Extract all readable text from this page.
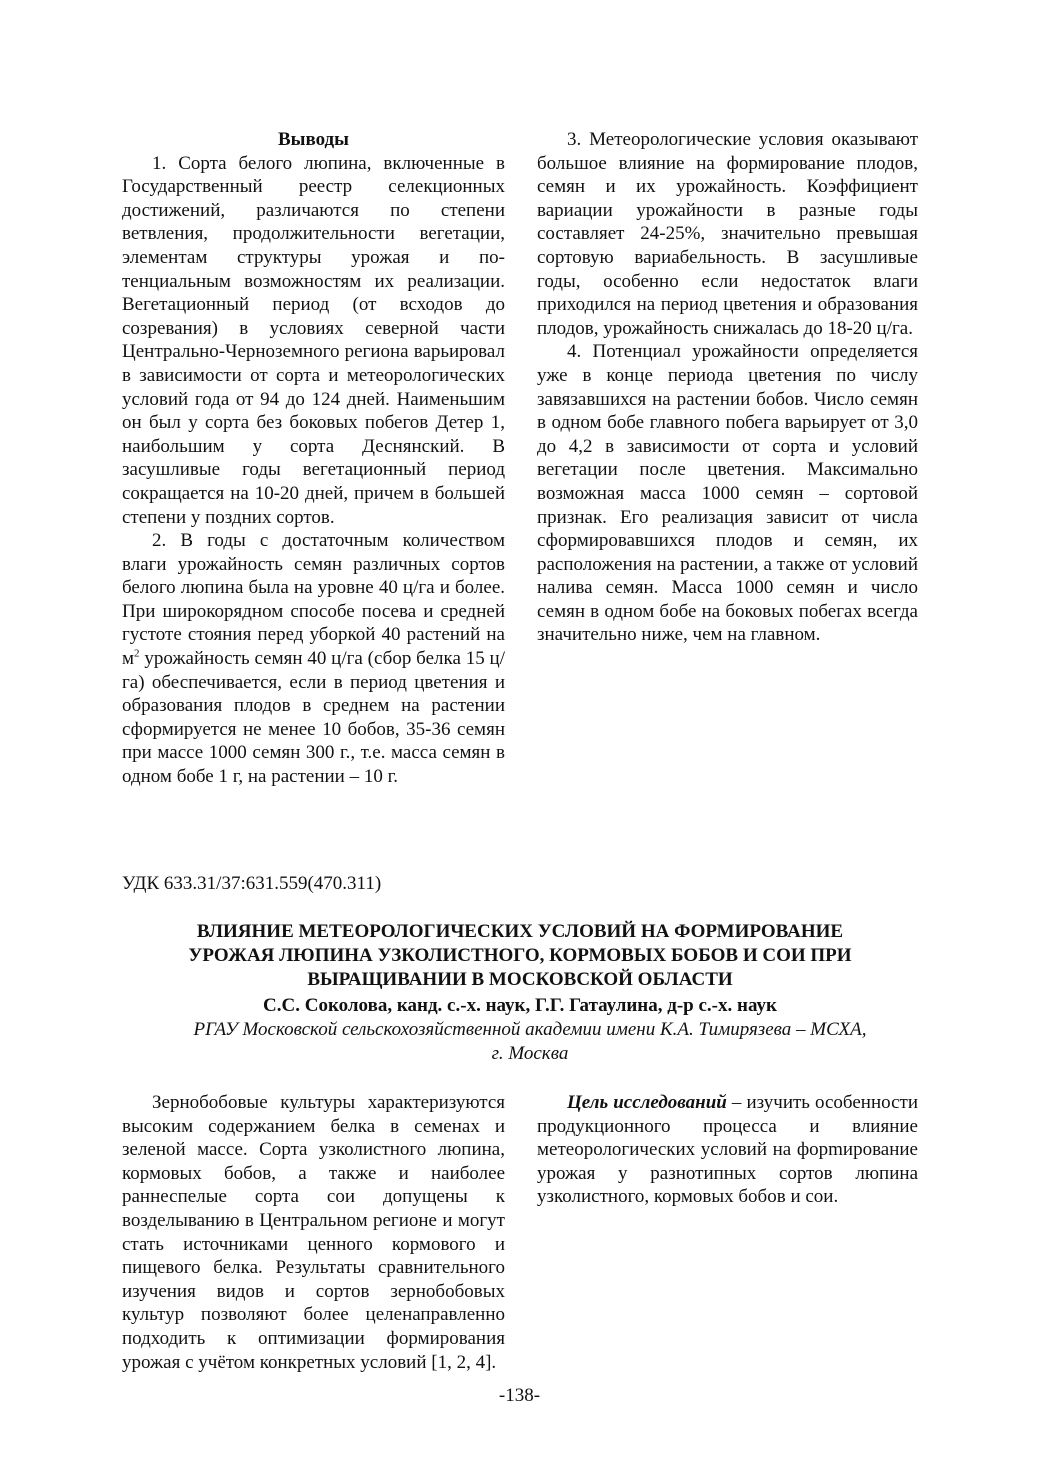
Выводы

1. Сорта белого люпина, включенные в Государственный реестр селекционных достижений, различаются по степени ветвления, продолжительности вегетации, элементам структуры урожая и потенциальным возможностям их реализации. Вегетационный период (от всходов до созревания) в условиях северной части Центрально-Черноземного региона варьировал в зависимости от сорта и метеорологических условий года от 94 до 124 дней. Наименьшим он был у сорта без боковых побегов Детер 1, наибольшим у сорта Деснянский. В засушливые годы вегетационный период сокращается на 10-20 дней, причем в большей степени у поздних сортов.

2. В годы с достаточным количеством влаги урожайность семян различных сортов белого люпина была на уровне 40 ц/га и более. При широкорядном способе посева и средней густоте стояния перед уборкой 40 растений на $м^2$ урожайность семян 40 ц/га (сбор белка 15 ц/га) обеспечивается, если в период цветения и образования плодов в среднем на растении сформируется не менее 10 бобов, 35-36 семян при массе 1000 семян 300 г., т.е. масса семян в одном бобе 1 г, на растении – 10 г.

3. Метеорологические условия оказывают большое влияние на формирование плодов, семян и их урожайность. Коэффициент вариации урожайности в разные годы составляет 24-25%, значительно превышая сортовую вариабельность. В засушливые годы, особенно если недостаток влаги приходился на период цветения и образования плодов, урожайность снижалась до 18-20 ц/га.

4. Потенциал урожайности определяется уже в конце периода цветения по числу завязавшихся на растении бобов. Число семян в одном бобе главного побега варьирует от 3,0 до 4,2 в зависимости от сорта и условий вегетации после цветения. Максимально возможная масса 1000 семян – сортовой признак. Его реализация зависит от числа сформировавшихся плодов и семян, их расположения на растении, а также от условий налива семян. Масса 1000 семян и число семян в одном бобе на боковых побегах всегда значительно ниже, чем на главном.

УДК 633.31/37:631.559(470.311)
ВЛИЯНИЕ МЕТЕОРОЛОГИЧЕСКИХ УСЛОВИЙ НА ФОРМИРОВАНИЕ
УРОЖАЯ ЛЮПИНА УЗКОЛИСТНОГО, КОРМОВЫХ БОБОВ И СОИ ПРИ
ВЫРАЩИВАНИИ В МОСКОВСКОЙ ОБЛАСТИ
С.С. Соколова, канд. с.-х. наук, Г.Г. Гатаулина, д-р с.-х. наук
РГАУ Московской сельскохозяйственной академии имени К.А. Тимирязева – МСХА,
г. Москва

Зернобобовые культуры характеризуются высоким содержанием белка в семенах и зеленой массе. Сорта узколистного люпина, кормовых бобов, а также и наиболее раннеспелые сорта сои допущены к возделыванию в Центральном регионе и могут стать источниками ценного кормового и пищевого белка. Результаты сравнительного изучения видов и сортов зернобобовых культур позволяют более целенаправленно подходить к оптимизации формирования урожая с учётом конкретных условий [1, 2, 4].

Цель исследований – изучить особенности продукционного процесса и влияние метеорологических условий на форmирование урожая у разнотипных сортов люпина узколистного, кормовых бобов и сои.

-138-
